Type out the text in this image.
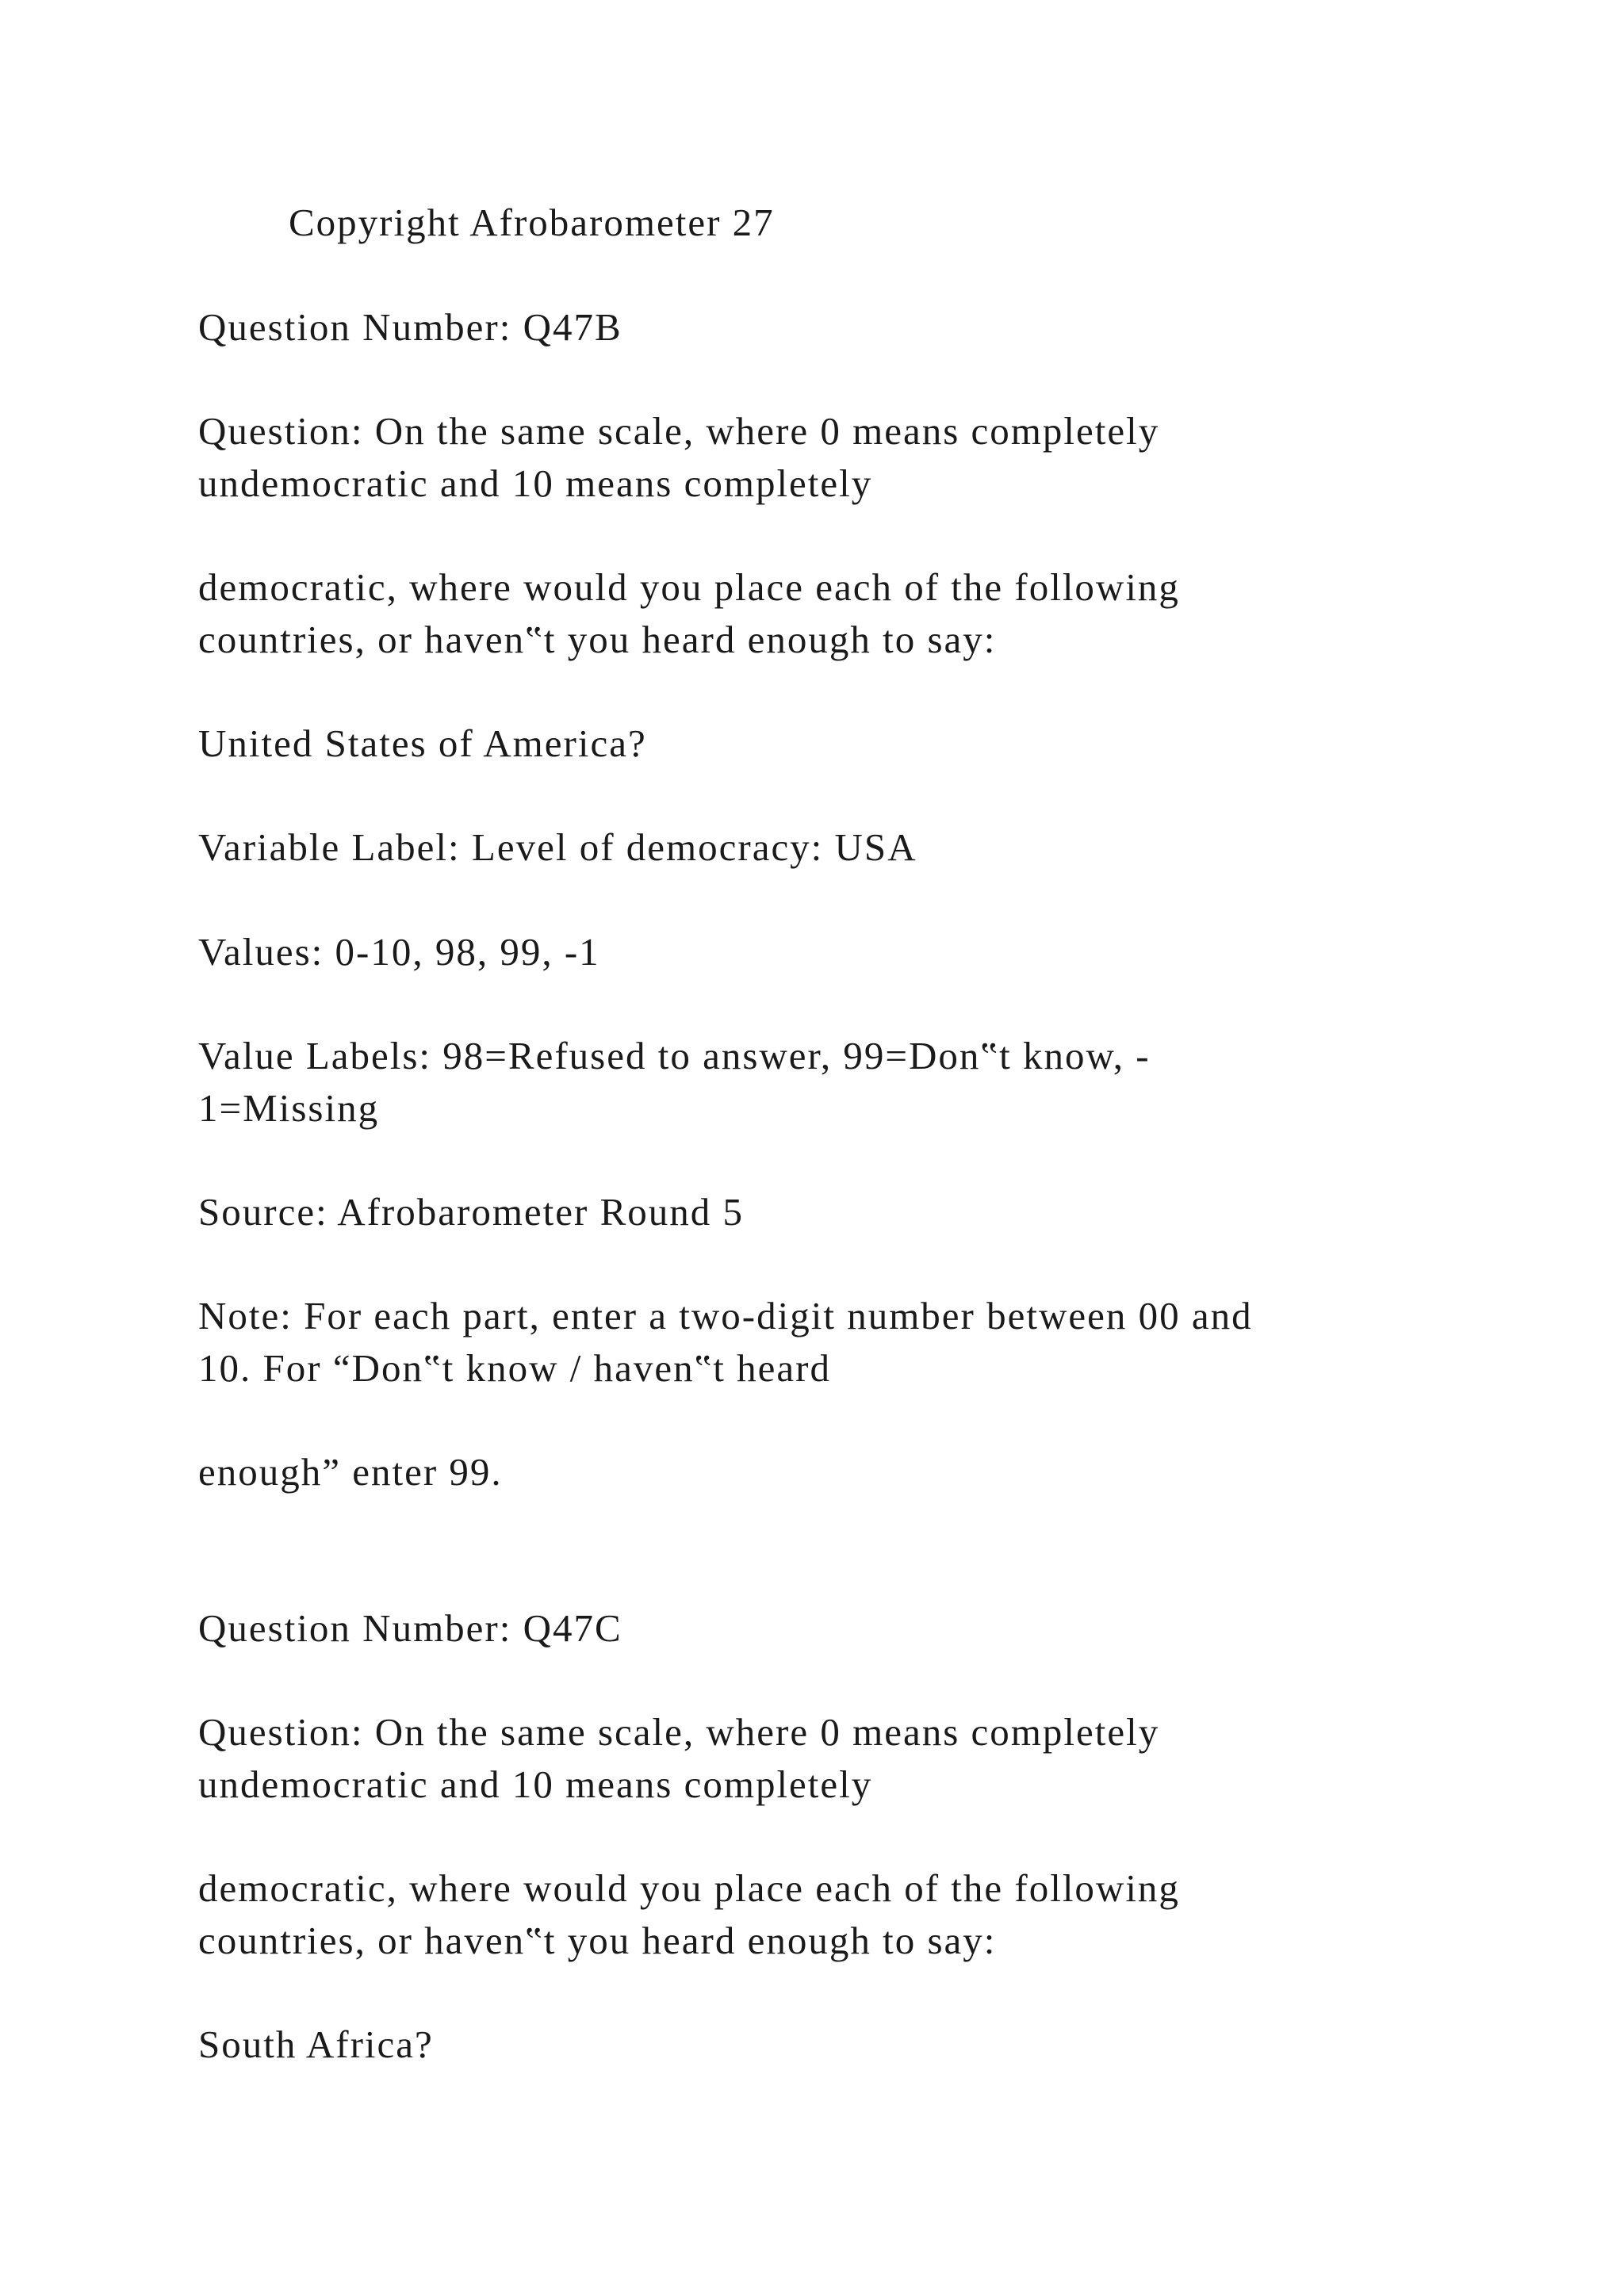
Copyright Afrobarometer 27

Question Number: Q47B

Question: On the same scale, where 0 means completely

undemocratic and 10 means completely

democratic, where would you place each of the following

countries, or haven‟t you heard enough to say:

United States of America?

Variable Label: Level of democracy: USA

Values: 0-10, 98, 99, -1

Value Labels: 98=Refused to answer, 99=Don‟t know, -

1=Missing

Source: Afrobarometer Round 5

Note: For each part, enter a two-digit number between 00 and

10. For “Don‟t know / haven‟t heard

enough” enter 99.

Question Number: Q47C

Question: On the same scale, where 0 means completely

undemocratic and 10 means completely

democratic, where would you place each of the following

countries, or haven‟t you heard enough to say:

South Africa?
